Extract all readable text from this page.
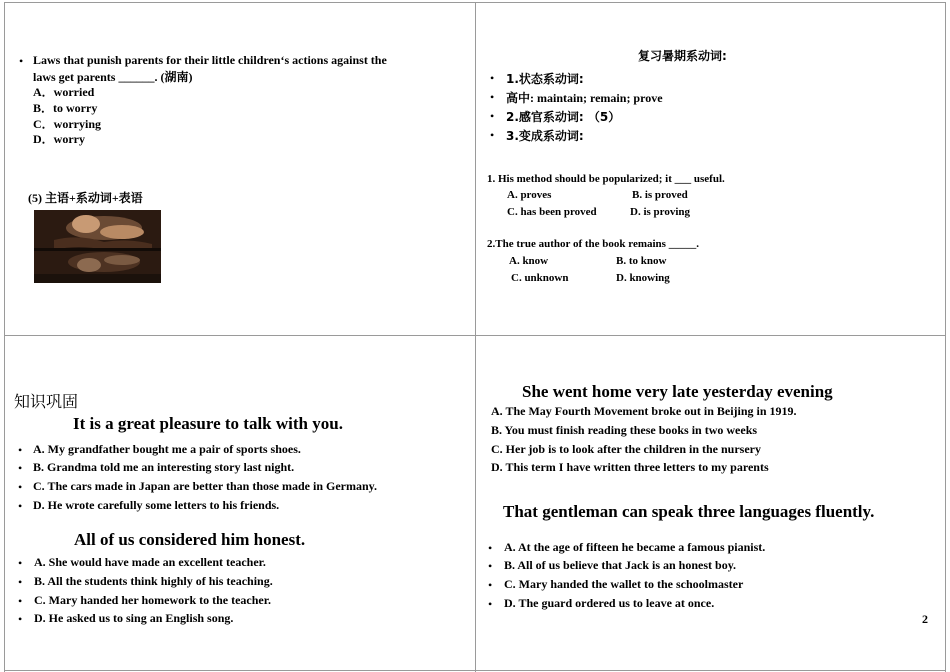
• Laws that punish parents for their little children‘s actions against the
laws get parents ______. (湖南)
A．worried
B．to worry
C．worrying
D．worry
(5) 主语+系动词+表语
复习暑期系动词:
• 1.状态系动词:
• 高中: maintain; remain; prove
• 2.感官系动词: （5）
• 3.变成系动词:
1. His method should be popularized; it ___ useful.
A. proves	B. is proved
C. has been proved	D. is proving
2.The true author of the book remains _____.
A. know	B. to know
C. unknown	D. knowing
知识巩固
It is a great pleasure to talk with you.
• A. My grandfather bought me a pair of sports shoes.
• B. Grandma told me an interesting story last night.
• C. The cars made in Japan are better than those made in Germany.
• D. He wrote carefully some letters to his friends.
All of us considered him honest.
• A. She would have made an excellent teacher.
• B. All the students think highly of his teaching.
• C. Mary handed her homework to the teacher.
• D. He asked us to sing an English song.
She went home very late yesterday evening
A. The May Fourth Movement broke out in Beijing in 1919.
B. You must finish reading these books in two weeks
C. Her job is to look after the children in the nursery
D. This term I have written three letters to my parents
That gentleman can speak three languages fluently.
• A. At the age of fifteen he became a famous pianist.
• B. All of us believe that Jack is an honest boy.
• C. Mary handed the wallet to the schoolmaster
• D. The guard ordered us to leave at once.
2
